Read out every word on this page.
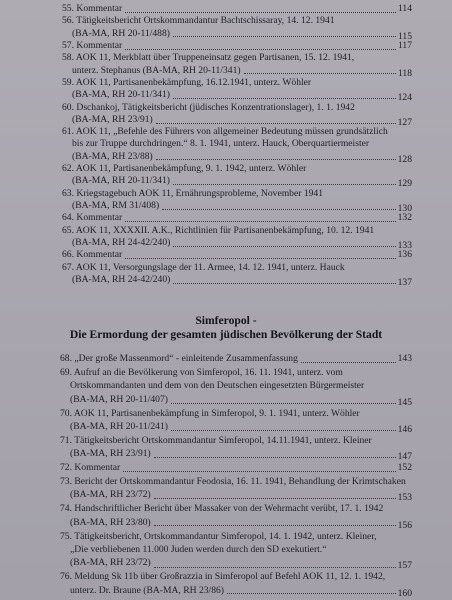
55. Kommentar	114
56. Tätigkeitsbericht Ortskommandantur Bachtschissaray, 14. 12. 1941
(BA-MA, RH 20-11/488)	115
57. Kommentar	117
58. AOK 11, Merkblatt über Truppeneinsatz gegen Partisanen, 15. 12. 1941,
unterz. Stephanus (BA-MA, RH 20-11/341)	118
59. AOK 11, Partisanenbekämpfung, 16.12.1941, unterz. Wöhler
(BA-MA, RH 20-11/341)	124
60. Dschankoj, Tätigkeitsbericht (jüdisches Konzentrationslager), 1. 1. 1942
(BA-MA, RH 23/91)	127
61. AOK 11, „Befehle des Führers von allgemeiner Bedeutung müssen grundsätzlich
bis zur Truppe durchdringen.“ 8. 1. 1941, unterz. Hauck, Oberquartiermeister
(BA-MA, RH 23/88)	128
62. AOK 11, Partisanenbekämpfung, 9. 1. 1942, unterz. Wöhler
(BA-MA, RH 20-11/341)	129
63. Kriegstagebuch AOK 11, Ernährungsprobleme, November 1941
(BA-MA, RM 31/408)	130
64. Kommentar	132
65. AOK 11, XXXXII. A.K., Richtlinien für Partisanenbekämpfung, 10. 12. 1941
(BA-MA, RH 24-42/240)	133
66. Kommentar	136
67. AOK 11, Versorgungslage der 11. Armee, 14. 12. 1941, unterz. Hauck
(BA-MA, RH 24-42/240)	137
Simferopol -
Die Ermordung der gesamten jüdischen Bevölkerung der Stadt
68. „Der große Massenmord“ - einleitende Zusammenfassung	143
69. Aufruf an die Bevölkerung von Simferopol, 16. 11. 1941, unterz. vom
Ortskommandanten und dem von den Deutschen eingesetzten Bürgermeister
(BA-MA, RH 20-11/407)	145
70. AOK 11, Partisanenbekämpfung in Simferopol, 9. 1. 1941, unterz. Wöhler
(BA-MA, RH 20-11/241)	146
71. Tätigkeitsbericht Ortskommandantur Simferopol, 14.11.1941, unterz. Kleiner
(BA-MA, RH 23/91)	147
72. Kommentar	152
73. Bericht der Ortskommandantur Feodosia, 16. 11. 1941, Behandlung der Krimtschaken
(BA-MA, RH 23/72)	153
74. Handschriftlicher Bericht über Massaker von der Wehrmacht verübt, 17. 1. 1942
(BA-MA, RH 23/80)	156
75. Tätigkeitsbericht, Ortskommandantur Simferopol, 14. 1. 1942, unterz. Kleiner,
„Die verbliebenen 11.000 Juden werden durch den SD exekutiert.“
(BA-MA, RH 23/72)	157
76. Meldung Sk 11b über Großrazzia in Simferopol auf Befehl AOK 11, 12. 1. 1942,
unterz. Dr. Braune (BA-MA, RH 23/86)	160
